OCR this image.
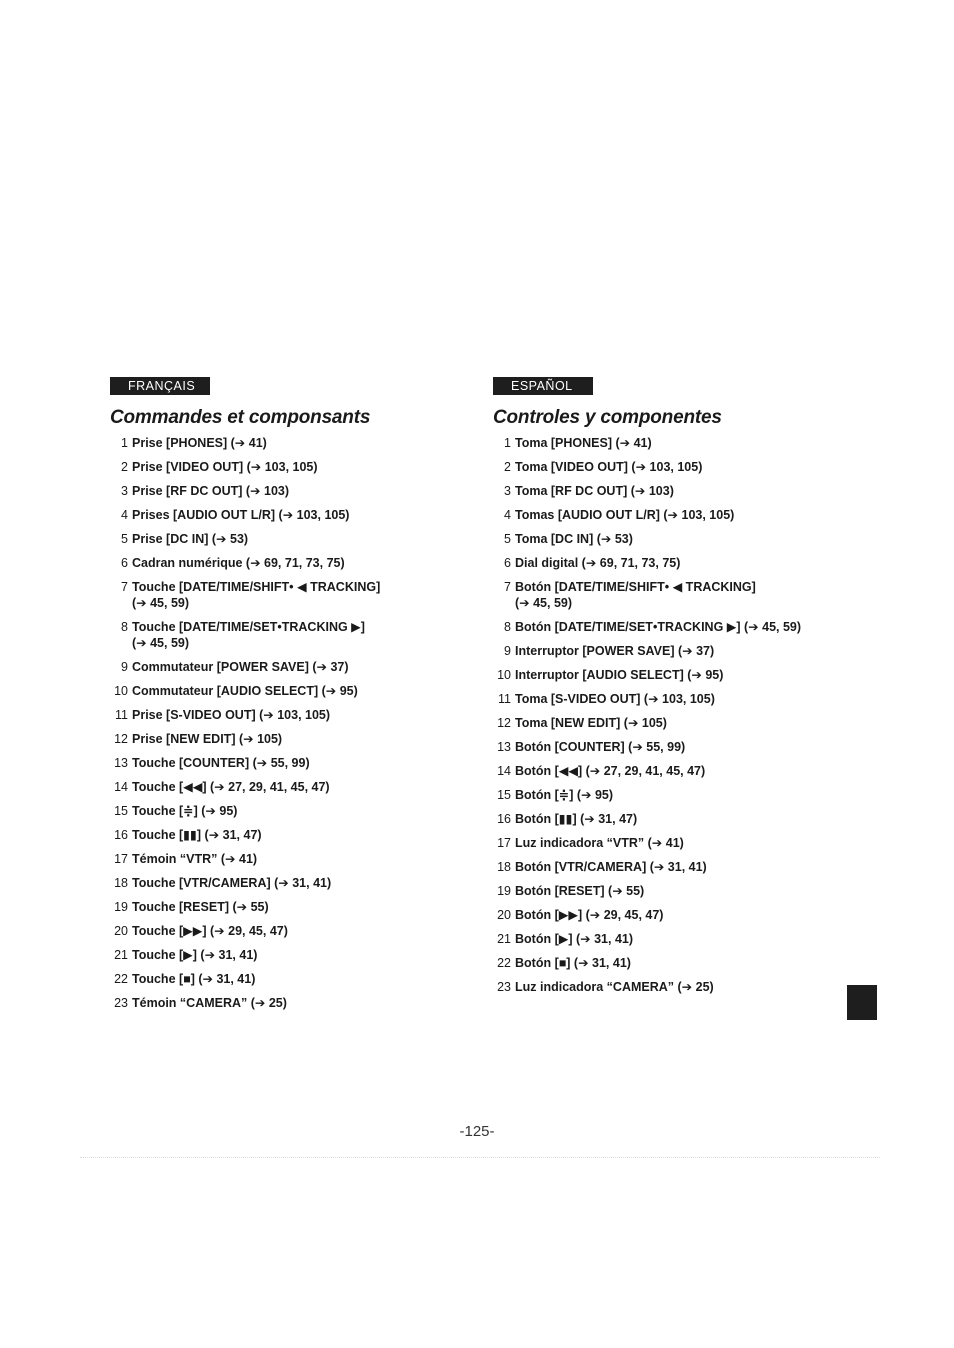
FRANÇAIS
Commandes et componsants
1 Prise [PHONES] (➔ 41)
2 Prise [VIDEO OUT] (➔ 103, 105)
3 Prise [RF DC OUT] (➔ 103)
4 Prises [AUDIO OUT L/R] (➔ 103, 105)
5 Prise [DC IN] (➔ 53)
6 Cadran numérique (➔ 69, 71, 73, 75)
7 Touche [DATE/TIME/SHIFT• ◀ TRACKING]
(➔ 45, 59)
8 Touche [DATE/TIME/SET•TRACKING ▶]
(➔ 45, 59)
9 Commutateur [POWER SAVE] (➔ 37)
10 Commutateur [AUDIO SELECT] (➔ 95)
11 Prise [S-VIDEO OUT] (➔ 103, 105)
12 Prise [NEW EDIT] (➔ 105)
13 Touche [COUNTER] (➔ 55, 99)
14 Touche [◀◀] (➔ 27, 29, 41, 45, 47)
15 Touche [≑] (➔ 95)
16 Touche [▮▮] (➔ 31, 47)
17 Témoin “VTR” (➔ 41)
18 Touche [VTR/CAMERA] (➔ 31, 41)
19 Touche [RESET] (➔ 55)
20 Touche [▶▶] (➔ 29, 45, 47)
21 Touche [▶] (➔ 31, 41)
22 Touche [■] (➔ 31, 41)
23 Témoin “CAMERA” (➔ 25)
ESPAÑOL
Controles y componentes
1 Toma [PHONES] (➔ 41)
2 Toma [VIDEO OUT] (➔ 103, 105)
3 Toma [RF DC OUT] (➔ 103)
4 Tomas [AUDIO OUT L/R] (➔ 103, 105)
5 Toma [DC IN] (➔ 53)
6 Dial digital (➔ 69, 71, 73, 75)
7 Botón [DATE/TIME/SHIFT• ◀ TRACKING]
(➔ 45, 59)
8 Botón [DATE/TIME/SET•TRACKING ▶] (➔ 45, 59)
9 Interruptor [POWER SAVE] (➔ 37)
10 Interruptor [AUDIO SELECT] (➔ 95)
11 Toma [S-VIDEO OUT] (➔ 103, 105)
12 Toma [NEW EDIT] (➔ 105)
13 Botón [COUNTER] (➔ 55, 99)
14 Botón [◀◀] (➔ 27, 29, 41, 45, 47)
15 Botón [≑] (➔ 95)
16 Botón [▮▮] (➔ 31, 47)
17 Luz indicadora “VTR” (➔ 41)
18 Botón [VTR/CAMERA] (➔ 31, 41)
19 Botón [RESET] (➔ 55)
20 Botón [▶▶] (➔ 29, 45, 47)
21 Botón [▶] (➔ 31, 41)
22 Botón [■] (➔ 31, 41)
23 Luz indicadora “CAMERA” (➔ 25)
-125-
